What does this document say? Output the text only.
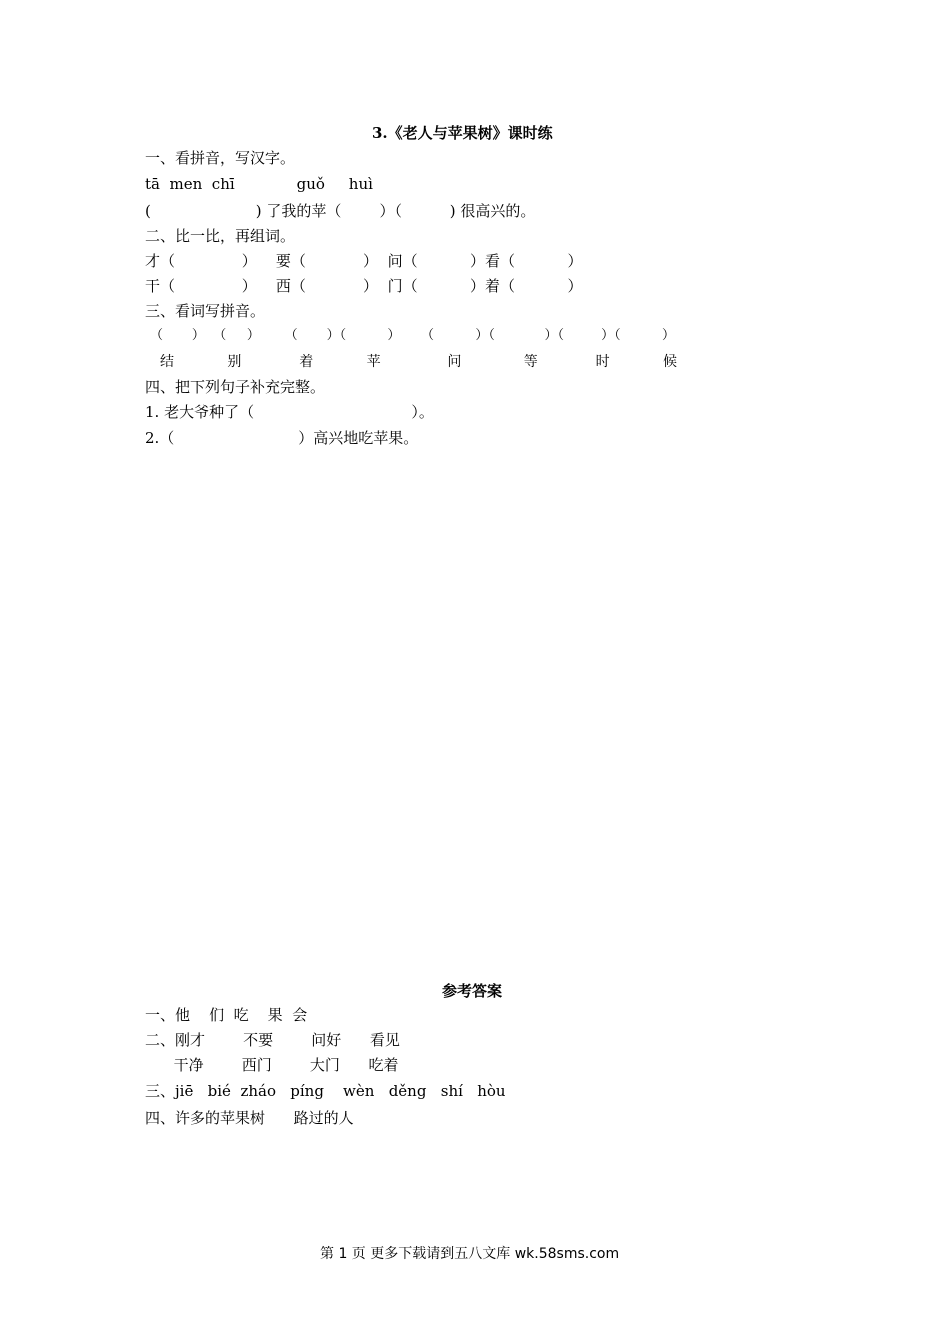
3.《老人与苹果树》课时练
一、看拼音，写汉字。
tā  men  chī             guǒ     huì
(                      ) 了我的苹（        ）（          ) 很高兴的。
二、比一比，再组词。
才（              ）    要（            ）  问（           ）看（           ）
干（              ）    西（            ）  门（           ）着（           ）
三、看词写拼音。
（       ）  （     ）      （       ）（          ）     （          ）（            ）（         ）（          ）
结            别             着            苹               问              等             时            候
四、把下列句子补充完整。
1. 老大爷种了（                                 ）。
2.（                          ）高兴地吃苹果。
参考答案
一、他    们  吃    果  会
二、刚才        不要        问好      看见
干净        西门        大门      吃着
三、jiē   bié  zháo   píng    wèn   děng   shí   hòu
四、许多的苹果树      路过的人
第 1 页 更多下载请到五八文库 wk.58sms.com
